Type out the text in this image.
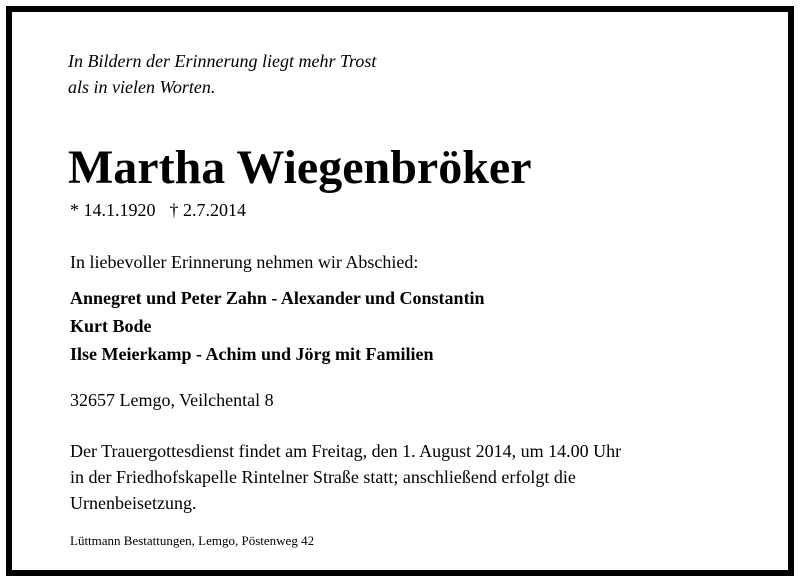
In Bildern der Erinnerung liegt mehr Trost
als in vielen Worten.
Martha Wiegenbröker
* 14.1.1920 † 2.7.2014
In liebevoller Erinnerung nehmen wir Abschied:
Annegret und Peter Zahn - Alexander und Constantin
Kurt Bode
Ilse Meierkamp - Achim und Jörg mit Familien
32657 Lemgo, Veilchental 8
Der Trauergottesdienst findet am Freitag, den 1. August 2014, um 14.00 Uhr
in der Friedhofskapelle Rintelner Straße statt; anschließend erfolgt die
Urnenbeisetzung.
Lüttmann Bestattungen, Lemgo, Pöstenweg 42
